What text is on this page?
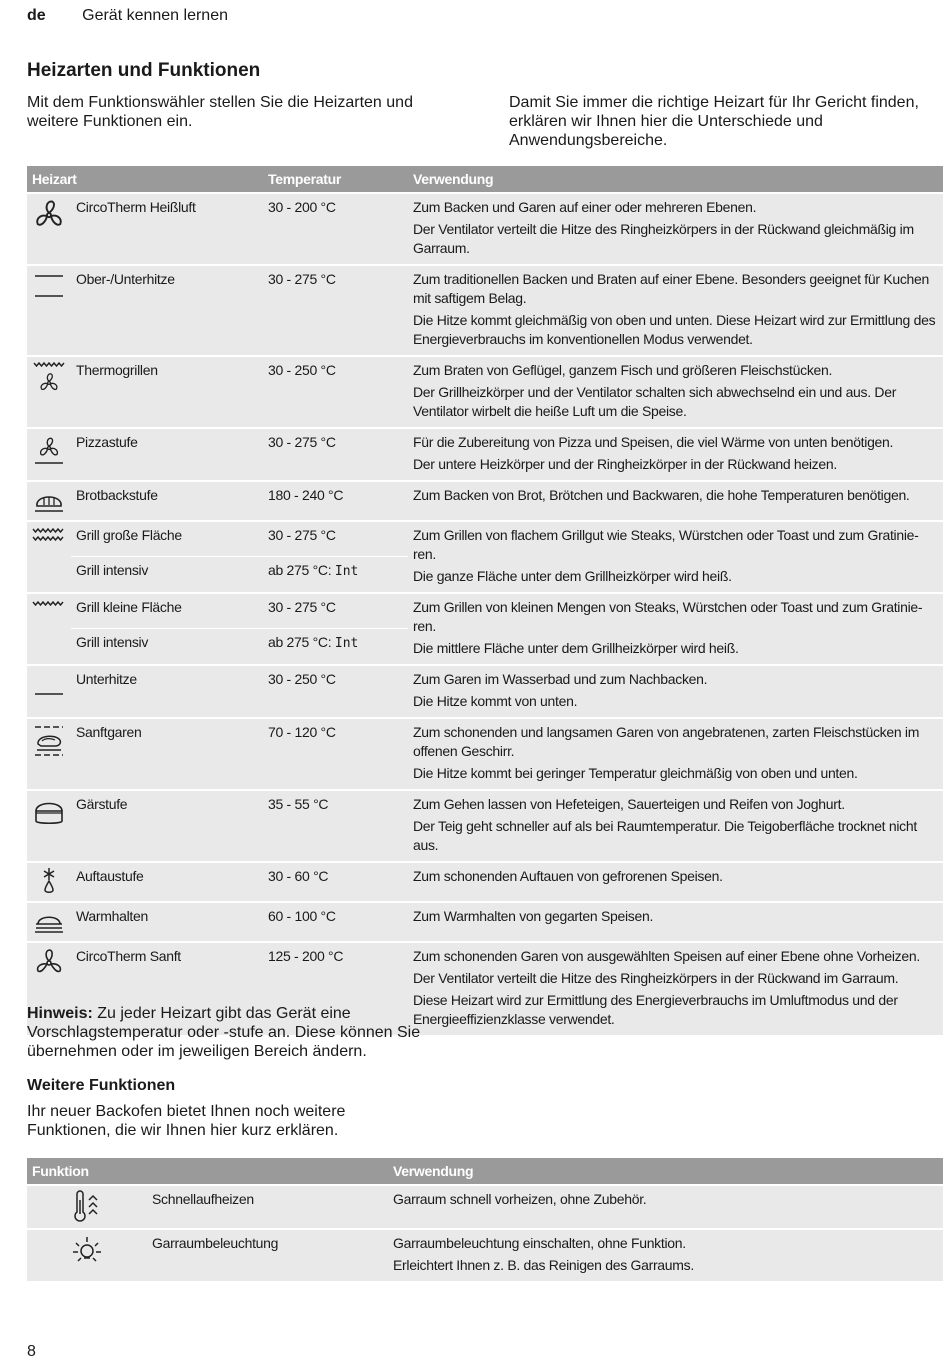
de Gerät kennen lernen
Heizarten und Funktionen

Mit dem Funktionswähler stellen Sie die Heizarten und weitere Funktionen ein.

Damit Sie immer die richtige Heizart für Ihr Gericht finden, erklären wir Ihnen hier die Unterschiede und Anwendungsbereiche.

Heizart		Temperatur	Verwendung

	CircoTherm Heißluft	30 - 200 °C	Zum Backen und Garen auf einer oder mehreren Ebenen.

Der Ventilator verteilt die Hitze des Ringheizkörpers in der Rückwand gleichmäßig im Garraum.

	Ober-/Unterhitze	30 - 275 °C	Zum traditionellen Backen und Braten auf einer Ebene. Besonders geeignet für Kuchen mit saftigem Belag.

Die Hitze kommt gleichmäßig von oben und unten. Diese Heizart wird zur Ermittlung des Energieverbrauchs im konventionellen Modus verwendet.

	Thermogrillen	30 - 250 °C	Zum Braten von Geflügel, ganzem Fisch und größeren Fleischstücken.

Der Grillheizkörper und der Ventilator schalten sich abwechselnd ein und aus. Der Ventilator wirbelt die heiße Luft um die Speise.

	Pizzastufe	30 - 275 °C	Für die Zubereitung von Pizza und Speisen, die viel Wärme von unten benötigen.

Der untere Heizkörper und der Ringheizkörper in der Rückwand heizen.

	Brotbackstufe	180 - 240 °C	Zum Backen von Brot, Brötchen und Backwaren, die hohe Temperaturen benötigen.

	Grill große Fläche	30 - 275 °C	Zum Grillen von flachem Grillgut wie Steaks, Würstchen oder Toast und zum Gratinie-ren.

Die ganze Fläche unter dem Grillheizkörper wird heiß.

	Grill intensiv	ab 275 °C: Int	

	Grill kleine Fläche	30 - 275 °C	Zum Grillen von kleinen Mengen von Steaks, Würstchen oder Toast und zum Gratinie-ren.

Die mittlere Fläche unter dem Grillheizkörper wird heiß.

	Grill intensiv	ab 275 °C: Int	

	Unterhitze	30 - 250 °C	Zum Garen im Wasserbad und zum Nachbacken.

Die Hitze kommt von unten.

	Sanftgaren	70 - 120 °C	Zum schonenden und langsamen Garen von angebratenen, zarten Fleischstücken im offenen Geschirr.

Die Hitze kommt bei geringer Temperatur gleichmäßig von oben und unten.

	Gärstufe	35 - 55 °C	Zum Gehen lassen von Hefeteigen, Sauerteigen und Reifen von Joghurt.

Der Teig geht schneller auf als bei Raumtemperatur. Die Teigoberfläche trocknet nicht aus.

	Auftaustufe	30 - 60 °C	Zum schonenden Auftauen von gefrorenen Speisen.

	Warmhalten	60 - 100 °C	Zum Warmhalten von gegarten Speisen.

	CircoTherm Sanft	125 - 200 °C	Zum schonenden Garen von ausgewählten Speisen auf einer Ebene ohne Vorheizen.

Der Ventilator verteilt die Hitze des Ringheizkörpers in der Rückwand im Garraum.

Diese Heizart wird zur Ermittlung des Energieverbrauchs im Umluftmodus und der Energieeffizienzklasse verwendet.

Hinweis: Zu jeder Heizart gibt das Gerät eine Vorschlagstemperatur oder -stufe an. Diese können Sie übernehmen oder im jeweiligen Bereich ändern.

Weitere Funktionen

Ihr neuer Backofen bietet Ihnen noch weitere Funktionen, die wir Ihnen hier kurz erklären.

Funktion		Verwendung

	Schnellaufheizen	Garraum schnell vorheizen, ohne Zubehör.

	Garraumbeleuchtung	Garraumbeleuchtung einschalten, ohne Funktion.

Erleichtert Ihnen z. B. das Reinigen des Garraums.

8
